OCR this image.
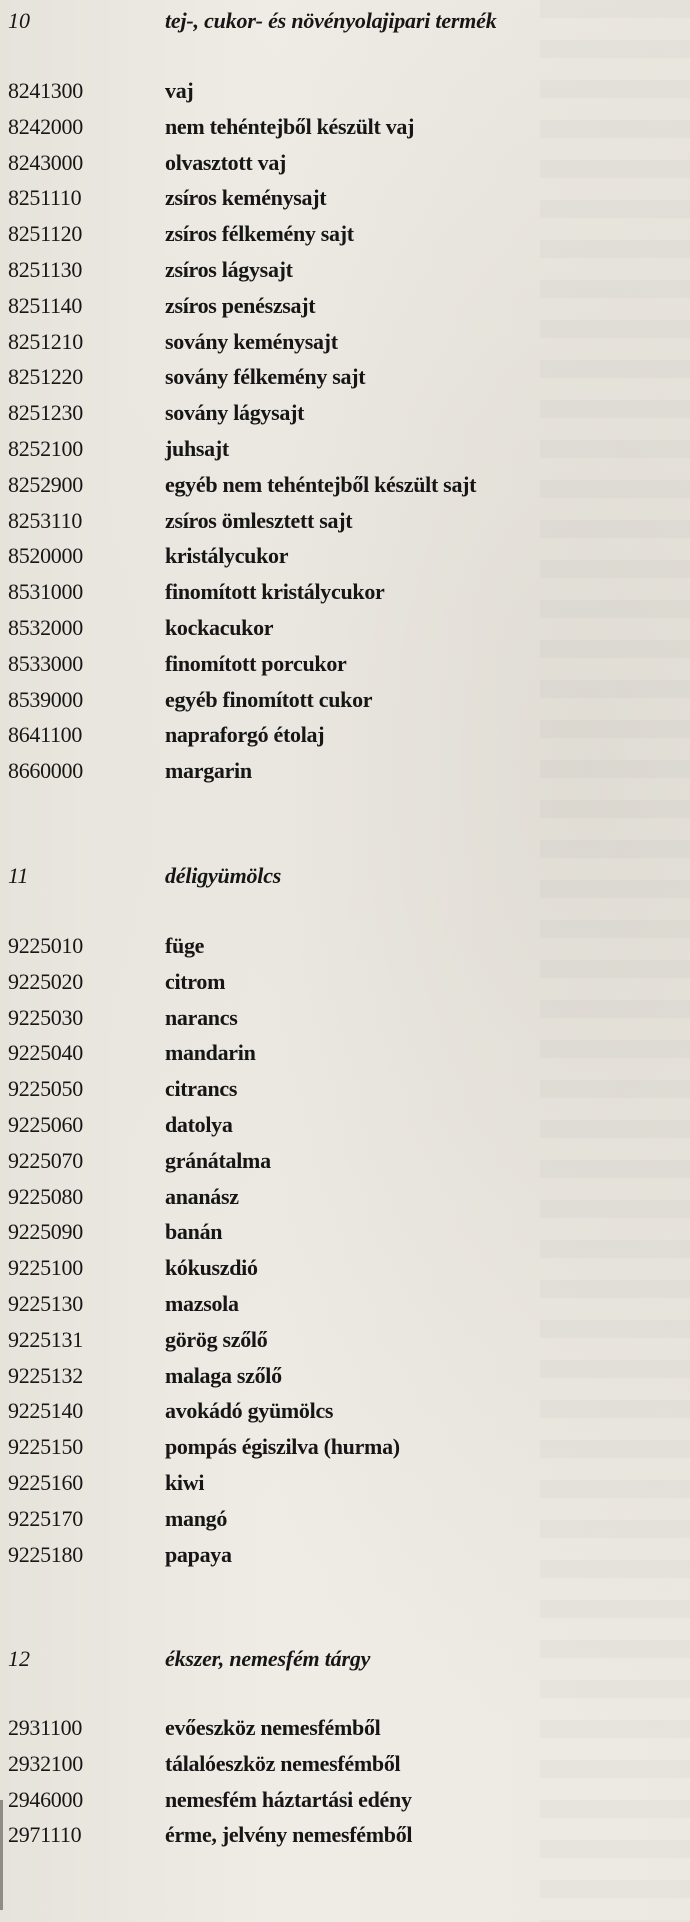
10	tej-, cukor- és növényolajipari termék
8241300	vaj
8242000	nem tehéntejből készült vaj
8243000	olvasztott vaj
8251110	zsíros keménysajt
8251120	zsíros félkemény sajt
8251130	zsíros lágysajt
8251140	zsíros penészsajt
8251210	sovány keménysajt
8251220	sovány félkemény sajt
8251230	sovány lágysajt
8252100	juhsajt
8252900	egyéb nem tehéntejből készült sajt
8253110	zsíros ömlesztett sajt
8520000	kristálycukor
8531000	finomított kristálycukor
8532000	kockacukor
8533000	finomított porcukor
8539000	egyéb finomított cukor
8641100	napraforgó étolaj
8660000	margarin
11	déligyümölcs
9225010	füge
9225020	citrom
9225030	narancs
9225040	mandarin
9225050	citrancs
9225060	datolya
9225070	gránátalma
9225080	ananász
9225090	banán
9225100	kókuszdió
9225130	mazsola
9225131	görög szőlő
9225132	malaga szőlő
9225140	avokádó gyümölcs
9225150	pompás égiszilva (hurma)
9225160	kiwi
9225170	mangó
9225180	papaya
12	ékszer, nemesfém tárgy
2931100	evőeszköz nemesfémből
2932100	tálalóeszköz nemesfémből
2946000	nemesfém háztartási edény
2971110	érme, jelvény nemesfémből
